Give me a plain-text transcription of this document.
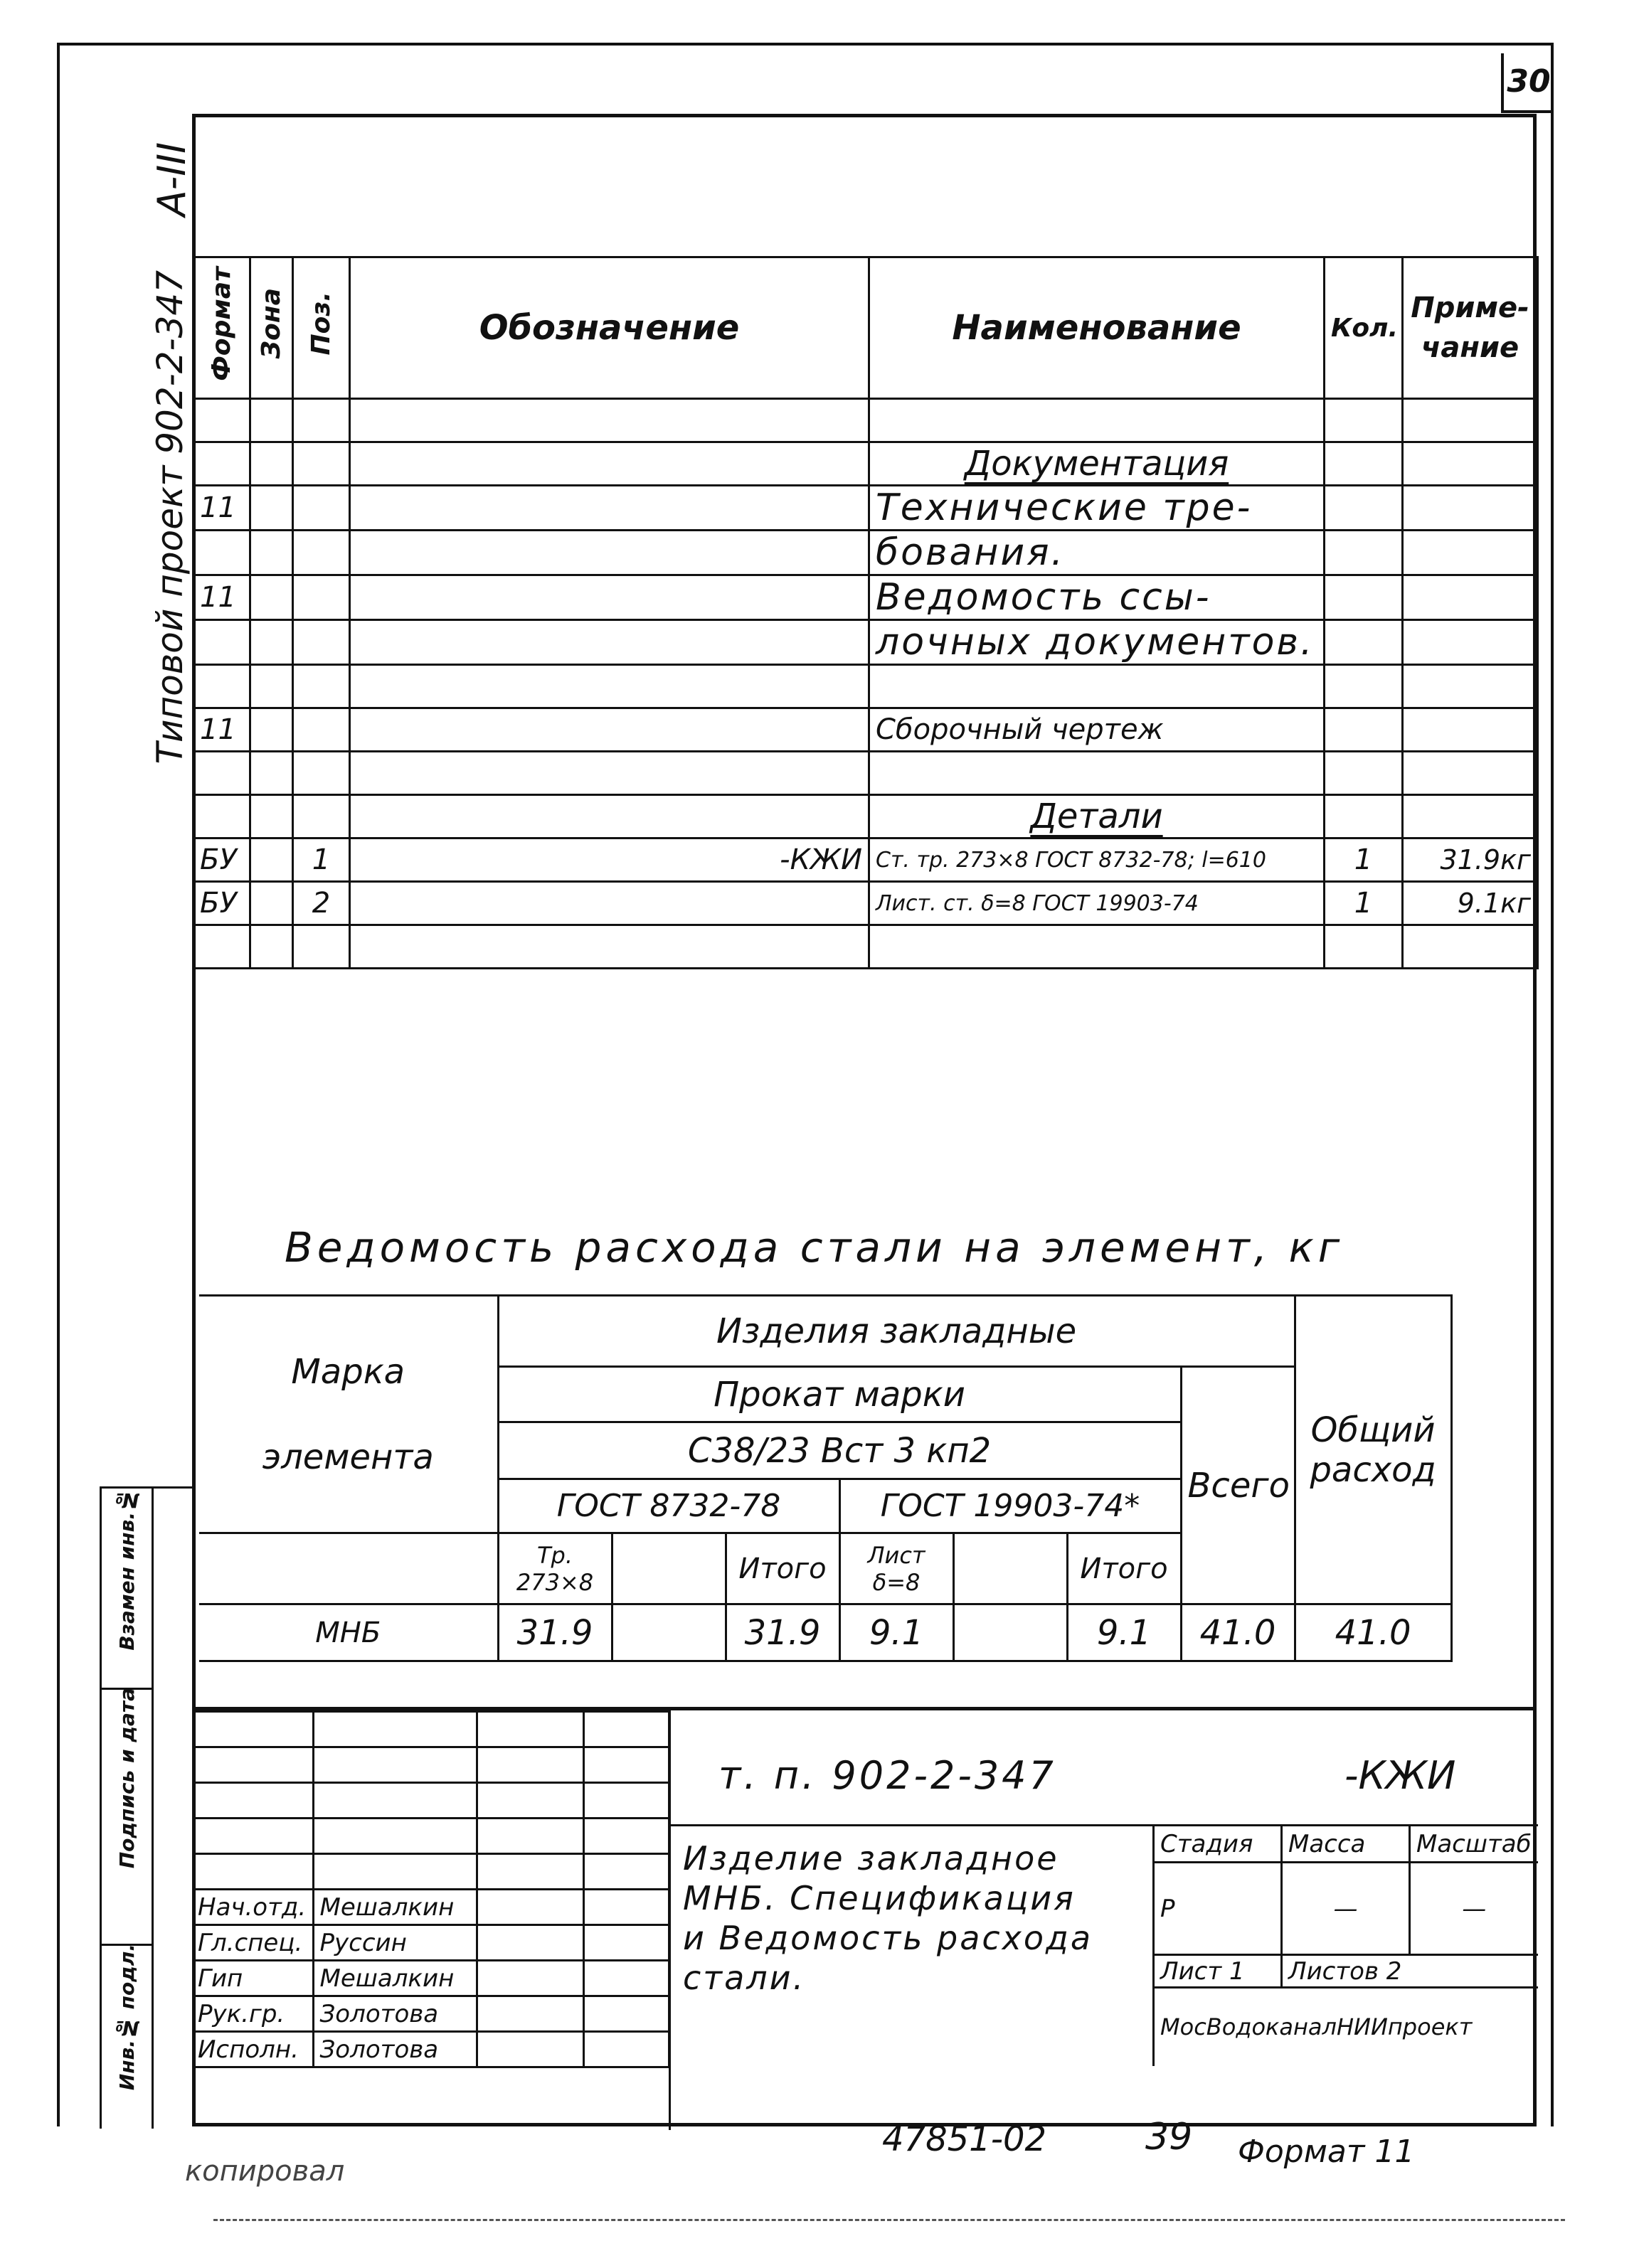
30
Типовой проект 902-2-347
А-III
Формат	Зона	Поз.	Обозначение	Наименование	Кол.	Приме-чание

				Документация		
11				Технические тре-		
				бования.		
11				Ведомость ссы-		
				лочных документов.		

11				Сборочный чертеж		

				Детали		
БУ		1	-КЖИ	Ст. тр. 273×8 ГОСТ 8732-78; l=610	1	31.9кг
БУ		2		Лист. ст. δ=8 ГОСТ 19903-74	1	9.1кг

Ведомость расхода стали на элемент, кг
Марка элемента	Изделия закладные							Общий расход
	Прокат марки						Всего	
	С38/23 Вст 3 кп2							
	ГОСТ 8732-78			ГОСТ 19903-74*				
	Тр. 273×8		Итого	Лист δ=8		Итого		
МНБ	31.9		31.9	9.1		9.1	41.0	41.0
Взамен инв.№
Подпись и дата
Инв.№ подл.

Нач.отд.	Мешалкин		
Гл.спец.	Руссин		
Гип	Мешалкин		
Рук.гр.	Золотова		
Исполн.	Золотова		
т. п. 902-2-347	-КЖИ
Изделие закладное МНБ. Спецификация и Ведомость расхода стали.
Стадия	Масса	Масштаб
Р	—	—
Лист 1	Листов 2	
МосВодоканалНИИпроект		
копировал
47851-02	39 Формат 11
